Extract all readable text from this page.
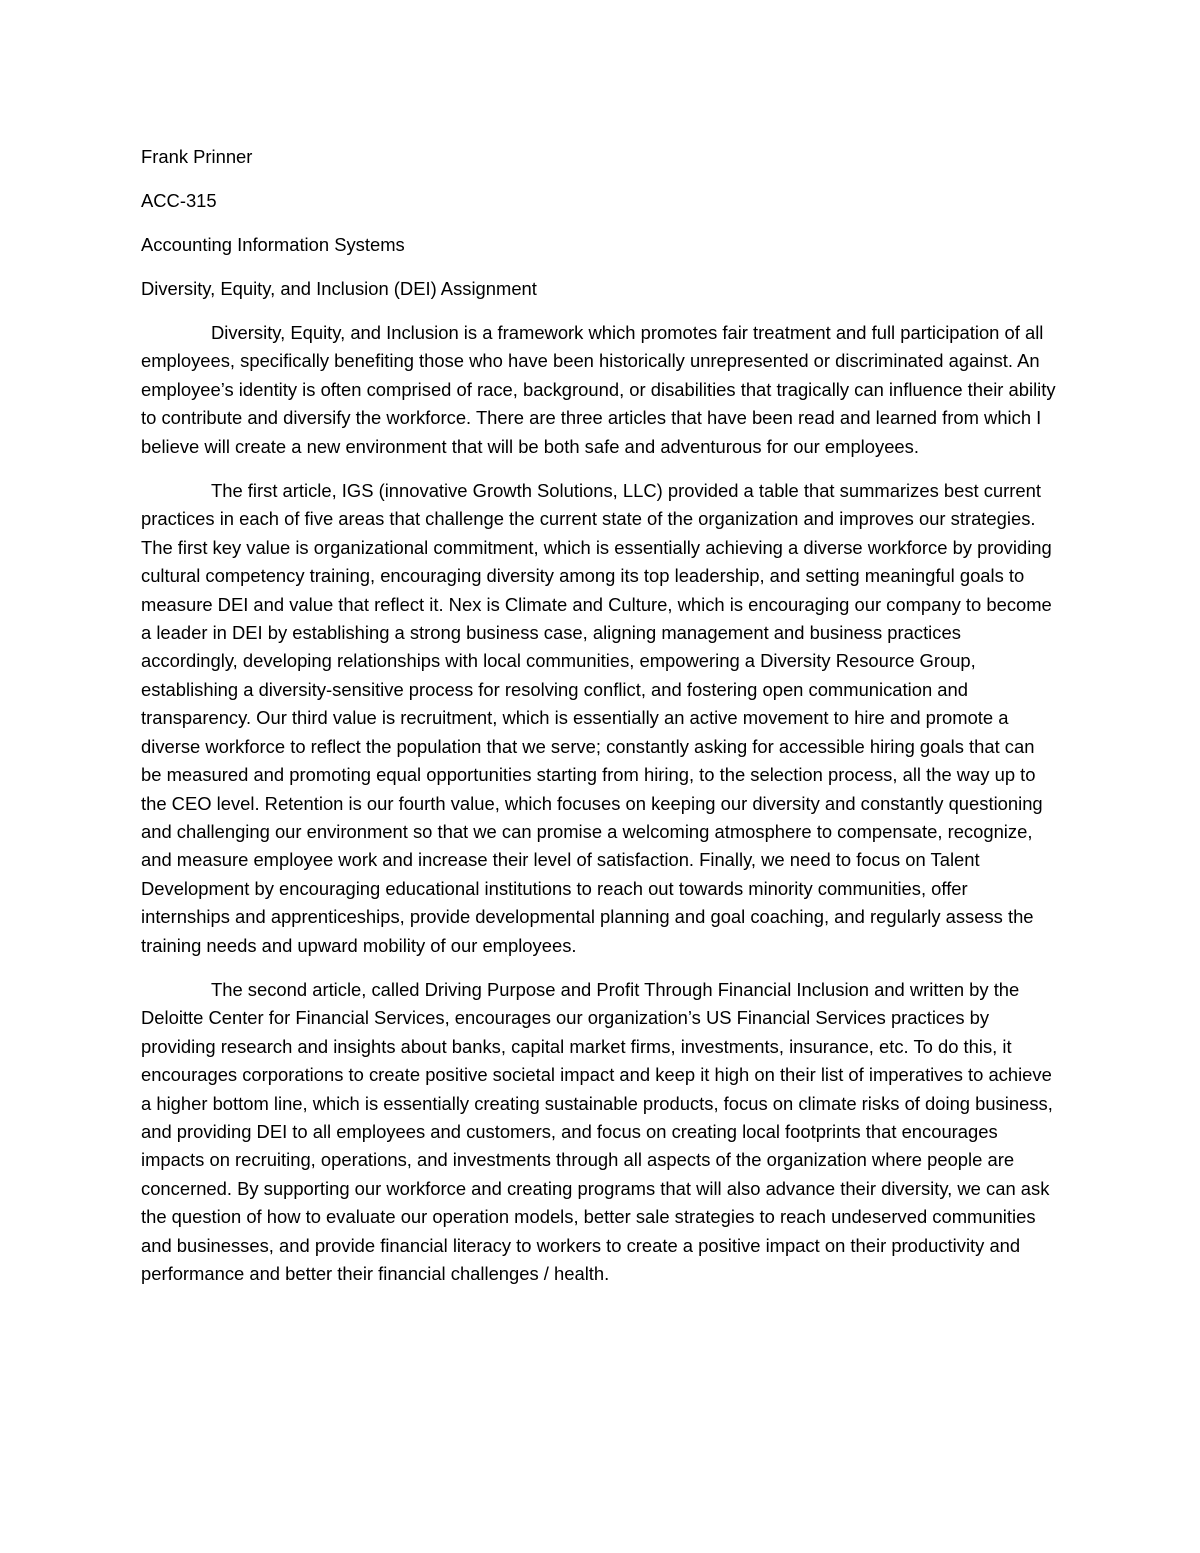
Frank Prinner

ACC-315

Accounting Information Systems

Diversity, Equity, and Inclusion (DEI) Assignment

Diversity, Equity, and Inclusion is a framework which promotes fair treatment and full participation of all employees, specifically benefiting those who have been historically unrepresented or discriminated against. An employee’s identity is often comprised of race, background, or disabilities that tragically can influence their ability to contribute and diversify the workforce. There are three articles that have been read and learned from which I believe will create a new environment that will be both safe and adventurous for our employees.

The first article, IGS (innovative Growth Solutions, LLC) provided a table that summarizes best current practices in each of five areas that challenge the current state of the organization and improves our strategies. The first key value is organizational commitment, which is essentially achieving a diverse workforce by providing cultural competency training, encouraging diversity among its top leadership, and setting meaningful goals to measure DEI and value that reflect it. Nex is Climate and Culture, which is encouraging our company to become a leader in DEI by establishing a strong business case, aligning management and business practices accordingly, developing relationships with local communities, empowering a Diversity Resource Group, establishing a diversity-sensitive process for resolving conflict, and fostering open communication and transparency. Our third value is recruitment, which is essentially an active movement to hire and promote a diverse workforce to reflect the population that we serve; constantly asking for accessible hiring goals that can be measured and promoting equal opportunities starting from hiring, to the selection process, all the way up to the CEO level. Retention is our fourth value, which focuses on keeping our diversity and constantly questioning and challenging our environment so that we can promise a welcoming atmosphere to compensate, recognize, and measure employee work and increase their level of satisfaction. Finally, we need to focus on Talent Development by encouraging educational institutions to reach out towards minority communities, offer internships and apprenticeships, provide developmental planning and goal coaching, and regularly assess the training needs and upward mobility of our employees.

The second article, called Driving Purpose and Profit Through Financial Inclusion and written by the Deloitte Center for Financial Services, encourages our organization’s US Financial Services practices by providing research and insights about banks, capital market firms, investments, insurance, etc. To do this, it encourages corporations to create positive societal impact and keep it high on their list of imperatives to achieve a higher bottom line, which is essentially creating sustainable products, focus on climate risks of doing business, and providing DEI to all employees and customers, and focus on creating local footprints that encourages impacts on recruiting, operations, and investments through all aspects of the organization where people are concerned. By supporting our workforce and creating programs that will also advance their diversity, we can ask the question of how to evaluate our operation models, better sale strategies to reach undeserved communities and businesses, and provide financial literacy to workers to create a positive impact on their productivity and performance and better their financial challenges / health.
